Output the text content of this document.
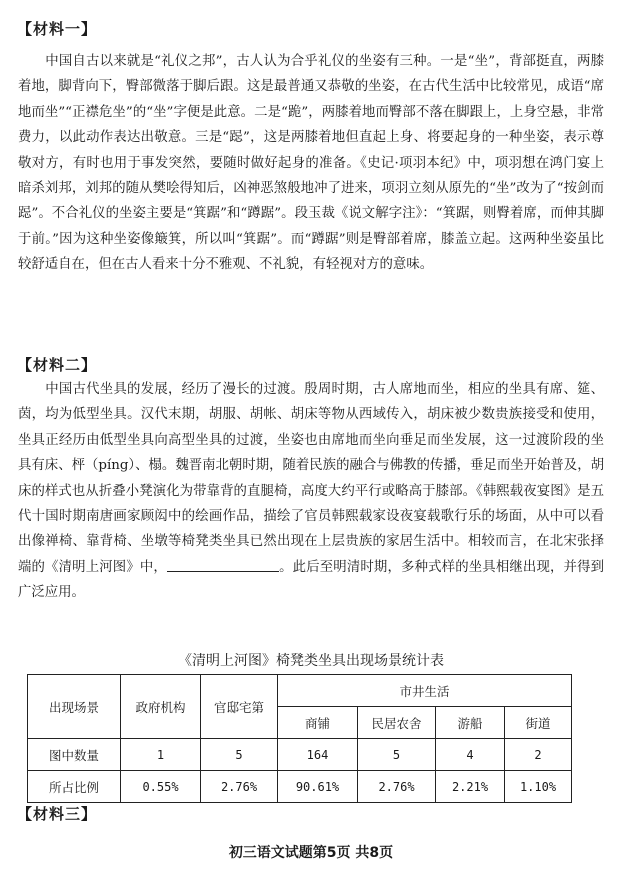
【材料一】
中国自古以来就是“礼仪之邦”，古人认为合乎礼仪的坐姿有三种。一是“坐”，背部挺直，两膝着地，脚背向下，臀部微落于脚后跟。这是最普通又恭敬的坐姿，在古代生活中比较常见，成语“席地而坐”“正襟危坐”的“坐”字便是此意。二是“跪”，两膝着地而臀部不落在脚跟上，上身空悬，非常费力，以此动作表达出敬意。三是“跽”，这是两膝着地但直起上身、将要起身的一种坐姿，表示尊敬对方，有时也用于事发突然，要随时做好起身的准备。《史记·项羽本纪》中，项羽想在鸿门宴上暗杀刘邦，刘邦的随从樊哙得知后，凶神恶煞般地冲了进来，项羽立刻从原先的“坐”改为了“按剑而跽”。不合礼仪的坐姿主要是“箕踞”和“蹲踞”。段玉裁《说文解字注》：“箕踞，则臀着席，而伸其脚于前。”因为这种坐姿像簸箕，所以叫“箕踞”。而“蹲踞”则是臀部着席，膝盖立起。这两种坐姿虽比较舒适自在，但在古人看来十分不雅观、不礼貌，有轻视对方的意味。
【材料二】
中国古代坐具的发展，经历了漫长的过渡。殷周时期，古人席地而坐，相应的坐具有席、筵、茵，均为低型坐具。汉代末期，胡服、胡帐、胡床等物从西域传入，胡床被少数贵族接受和使用，坐具正经历由低型坐具向高型坐具的过渡，坐姿也由席地而坐向垂足而坐发展，这一过渡阶段的坐具有床、枰（píng）、榻。魏晋南北朝时期，随着民族的融合与佛教的传播，垂足而坐开始普及，胡床的样式也从折叠小凳演化为带靠背的直腿椅，高度大约平行或略高于膝部。《韩熙载夜宴图》是五代十国时期南唐画家顾闳中的绘画作品，描绘了官员韩熙载家设夜宴载歌行乐的场面，从中可以看出像禅椅、靠背椅、坐墩等椅凳类坐具已然出现在上层贵族的家居生活中。相较而言，在北宋张择端的《清明上河图》中，	。此后至明清时期，多种式样的坐具相继出现，并得到广泛应用。
《清明上河图》椅凳类坐具出现场景统计表
出现场景	政府机构	官邸宅第	市井生活			
			商铺	民居农舍	游船	街道
图中数量	1	5	164	5	4	2
所占比例	0.55%	2.76%	90.61%	2.76%	2.21%	1.10%
【材料三】
初三语文试题第5页 共8页
